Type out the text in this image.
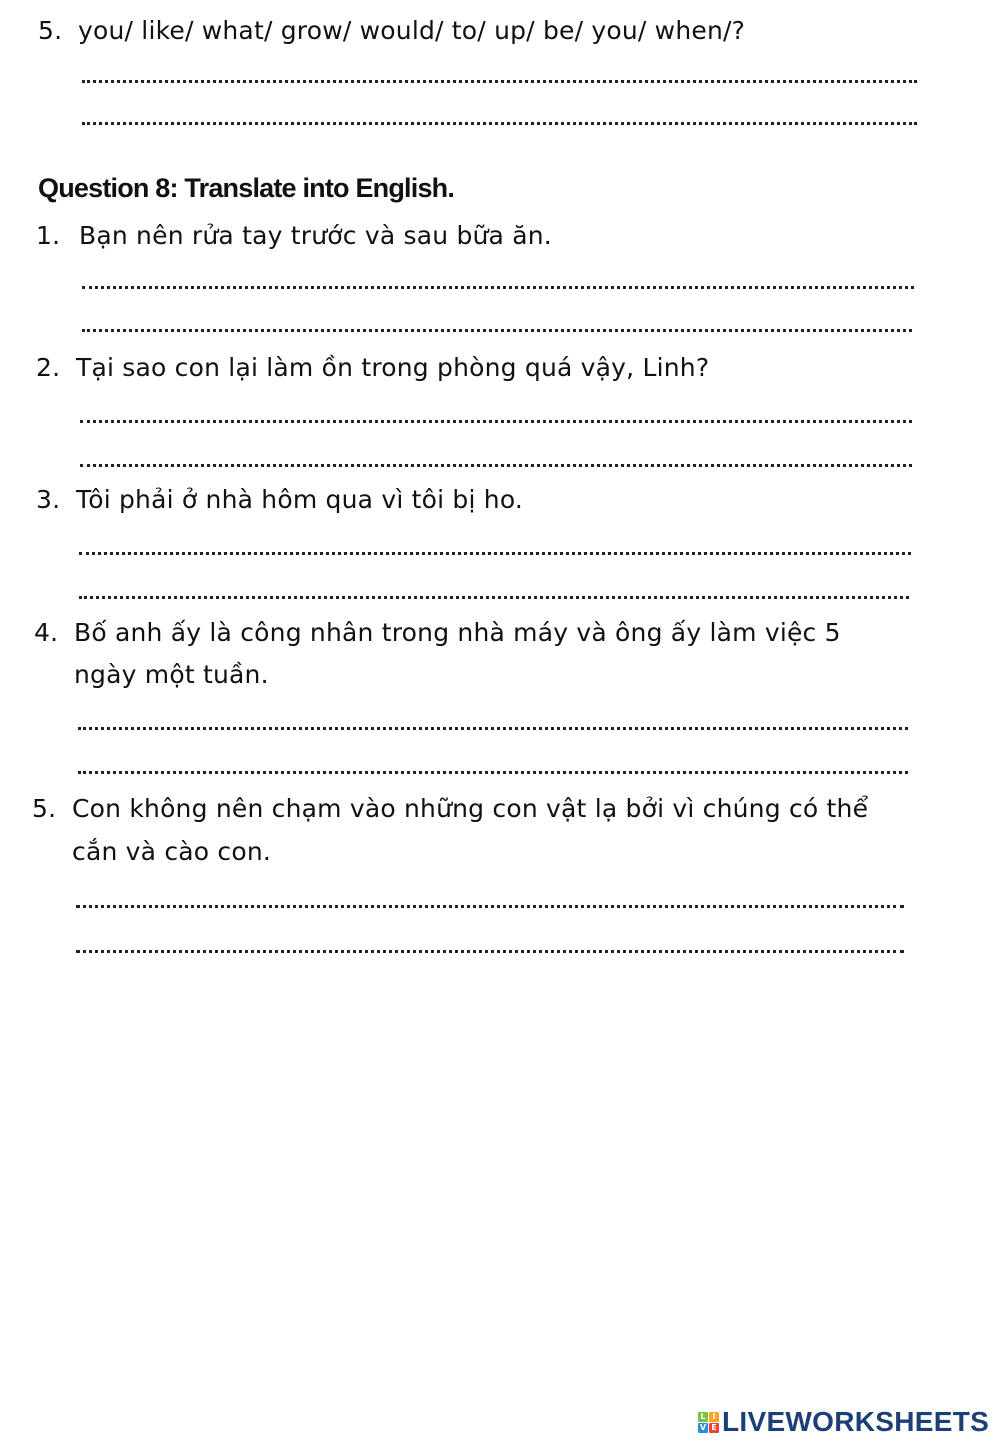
5. you/ like/ what/ grow/ would/ to/ up/ be/ you/ when/?
Question 8: Translate into English.
1. Bạn nên rửa tay trước và sau bữa ăn.
2. Tại sao con lại làm ồn trong phòng quá vậy, Linh?
3. Tôi phải ở nhà hôm qua vì tôi bị ho.
4. Bố anh ấy là công nhân trong nhà máy và ông ấy làm việc 5
ngày một tuần.
5. Con không nên chạm vào những con vật lạ bởi vì chúng có thể
cắn và cào con.
L I
V E LIVEWORKSHEETS
